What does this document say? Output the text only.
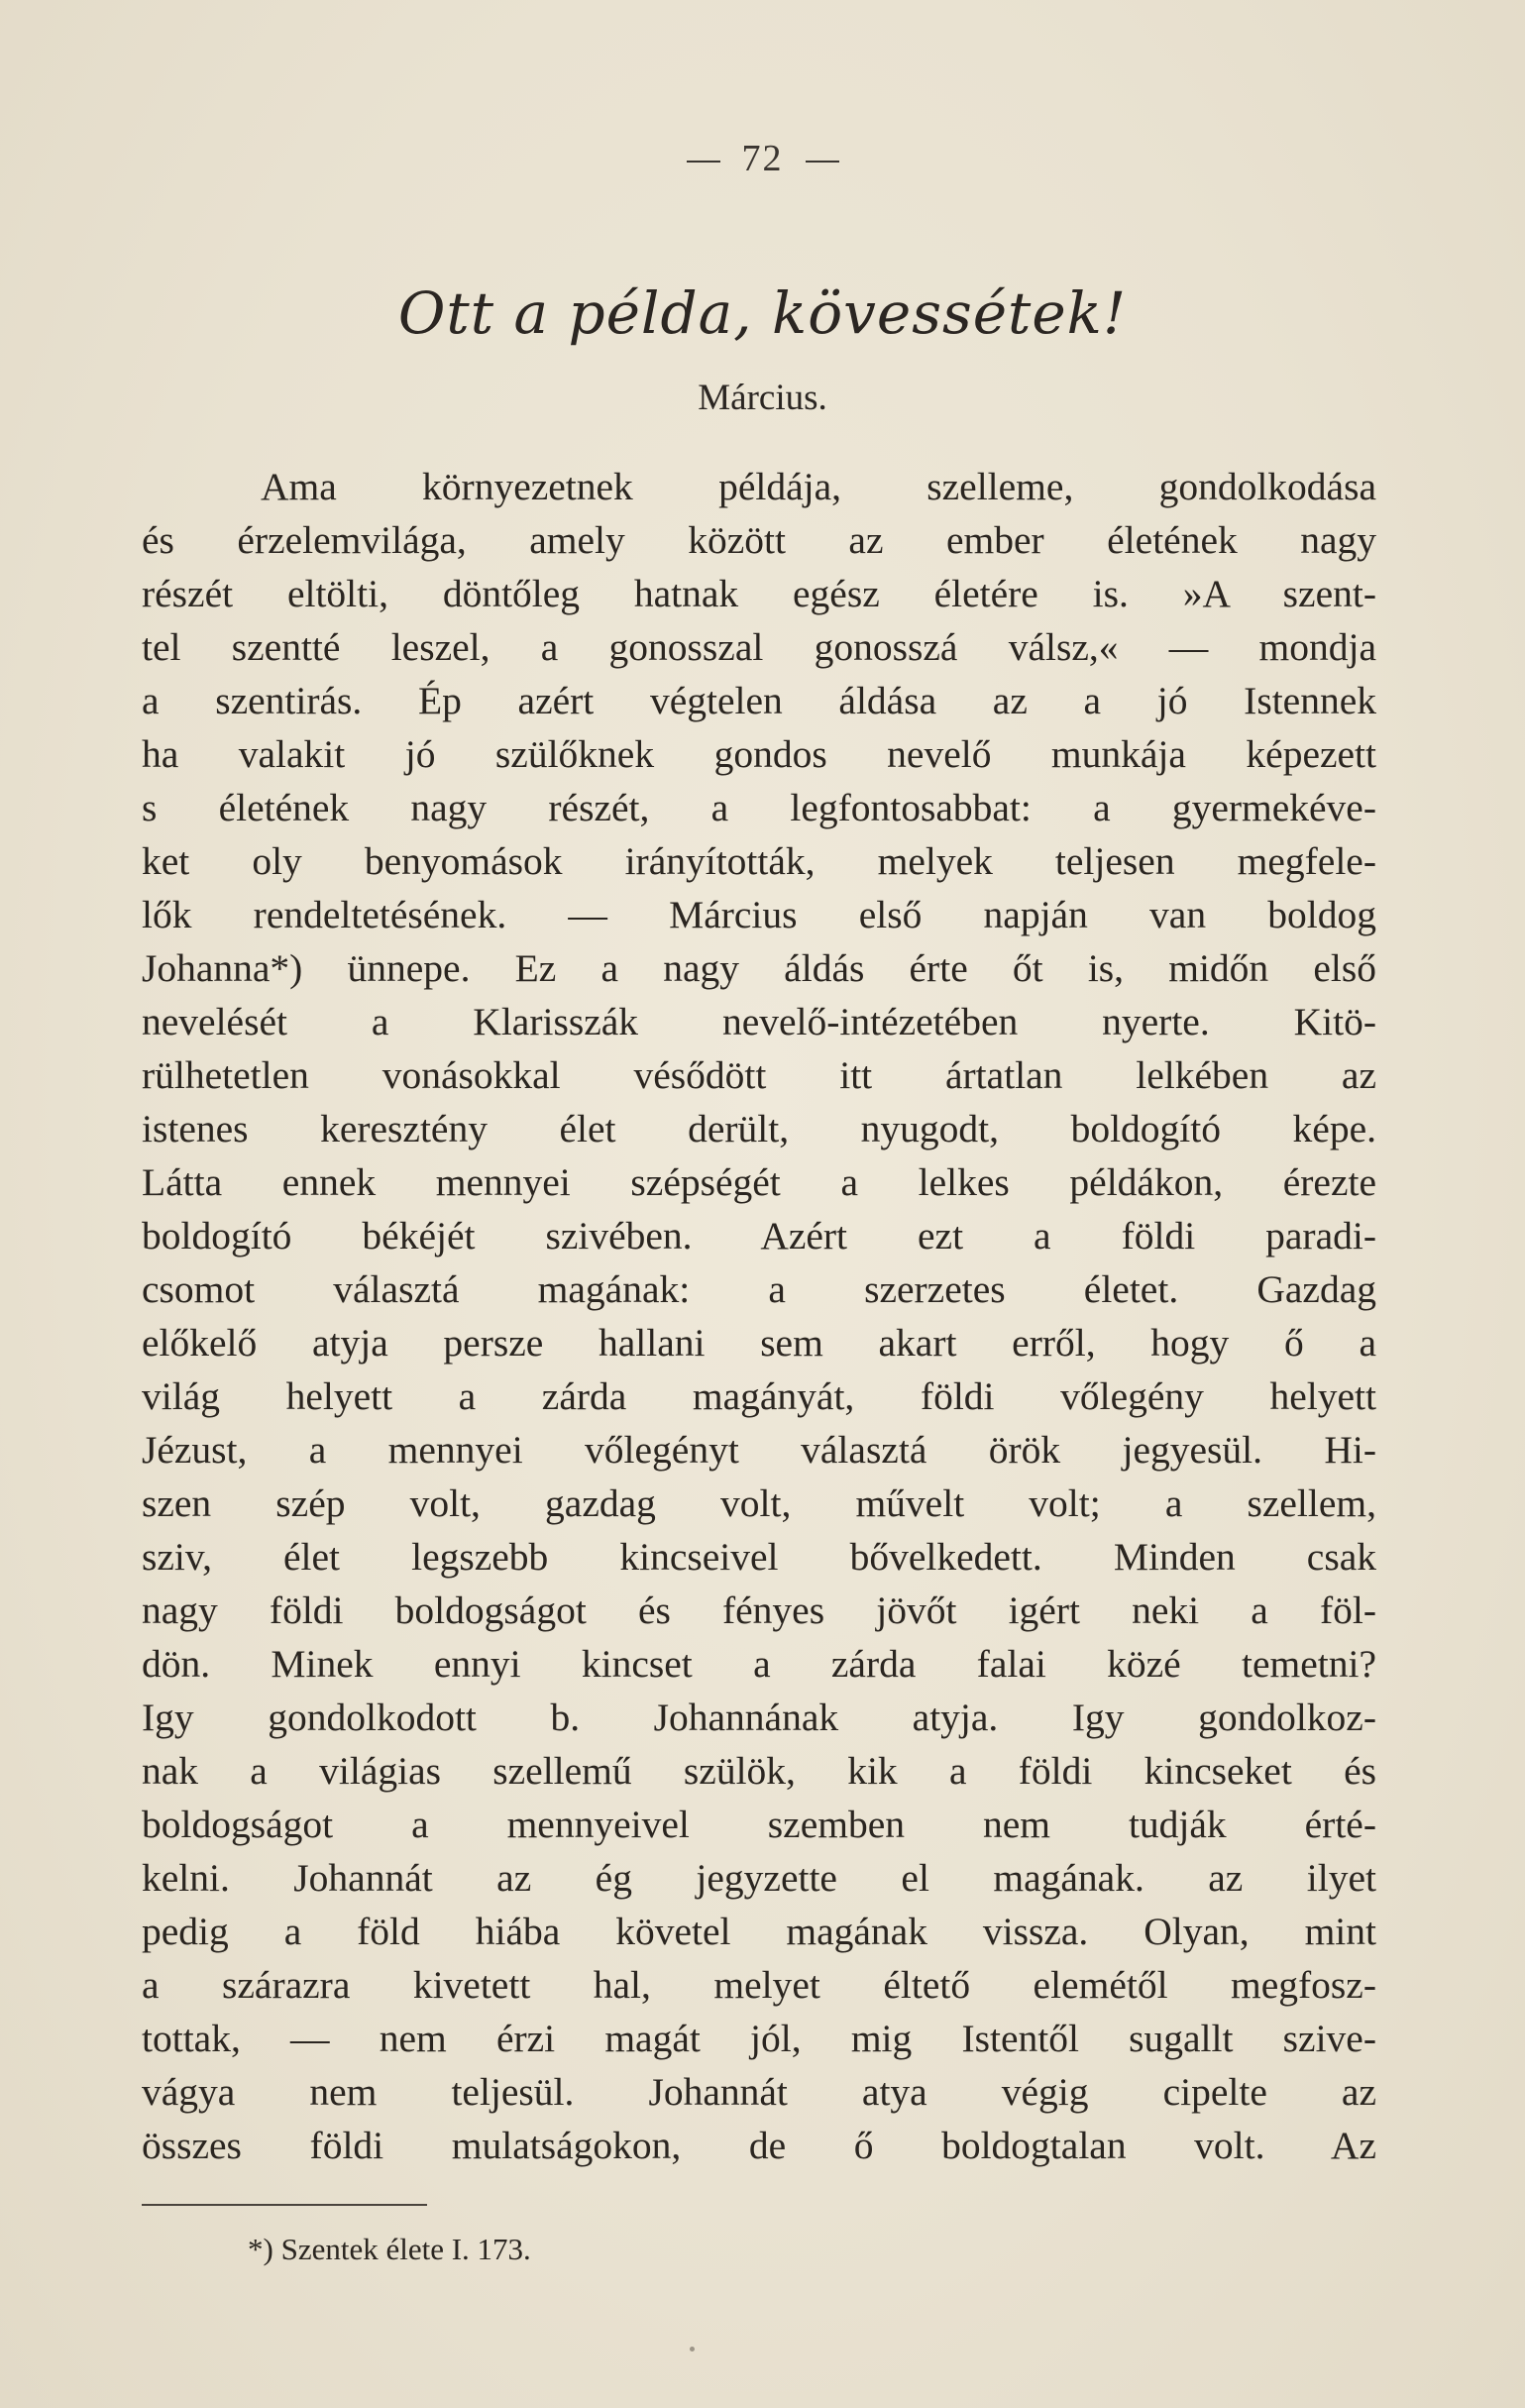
72
Ott a példa, kövessétek!
Március.
Ama környezetnek példája, szelleme, gondolkodása
és érzelemvilága, amely között az ember életének nagy
részét eltölti, döntőleg hatnak egész életére is. »A szent-
tel szentté leszel, a gonosszal gonosszá válsz,« — mondja
a szentirás. Ép azért végtelen áldása az a jó Istennek
ha valakit jó szülőknek gondos nevelő munkája képezett
s életének nagy részét, a legfontosabbat: a gyermekéve-
ket oly benyomások irányították, melyek teljesen megfele-
lők rendeltetésének. — Március első napján van boldog
Johanna*) ünnepe. Ez a nagy áldás érte őt is, midőn első
nevelését a Klarisszák nevelő-intézetében nyerte. Kitö-
rülhetetlen vonásokkal vésődött itt ártatlan lelkében az
istenes keresztény élet derült, nyugodt, boldogító képe.
Látta ennek mennyei szépségét a lelkes példákon, érezte
boldogító békéjét szivében. Azért ezt a földi paradi-
csomot választá magának: a szerzetes életet. Gazdag
előkelő atyja persze hallani sem akart erről, hogy ő a
világ helyett a zárda magányát, földi vőlegény helyett
Jézust, a mennyei vőlegényt választá örök jegyesül. Hi-
szen szép volt, gazdag volt, művelt volt; a szellem,
sziv, élet legszebb kincseivel bővelkedett. Minden csak
nagy földi boldogságot és fényes jövőt igért neki a föl-
dön. Minek ennyi kincset a zárda falai közé temetni?
Igy gondolkodott b. Johannának atyja. Igy gondolkoz-
nak a világias szellemű szülök, kik a földi kincseket és
boldogságot a mennyeivel szemben nem tudják érté-
kelni. Johannát az ég jegyzette el magának. az ilyet
pedig a föld hiába követel magának vissza. Olyan, mint
a szárazra kivetett hal, melyet éltető elemétől megfosz-
tottak, — nem érzi magát jól, mig Istentől sugallt szive-
vágya nem teljesül. Johannát atya végig cipelte az
összes földi mulatságokon, de ő boldogtalan volt. Az
*) Szentek élete I. 173.
